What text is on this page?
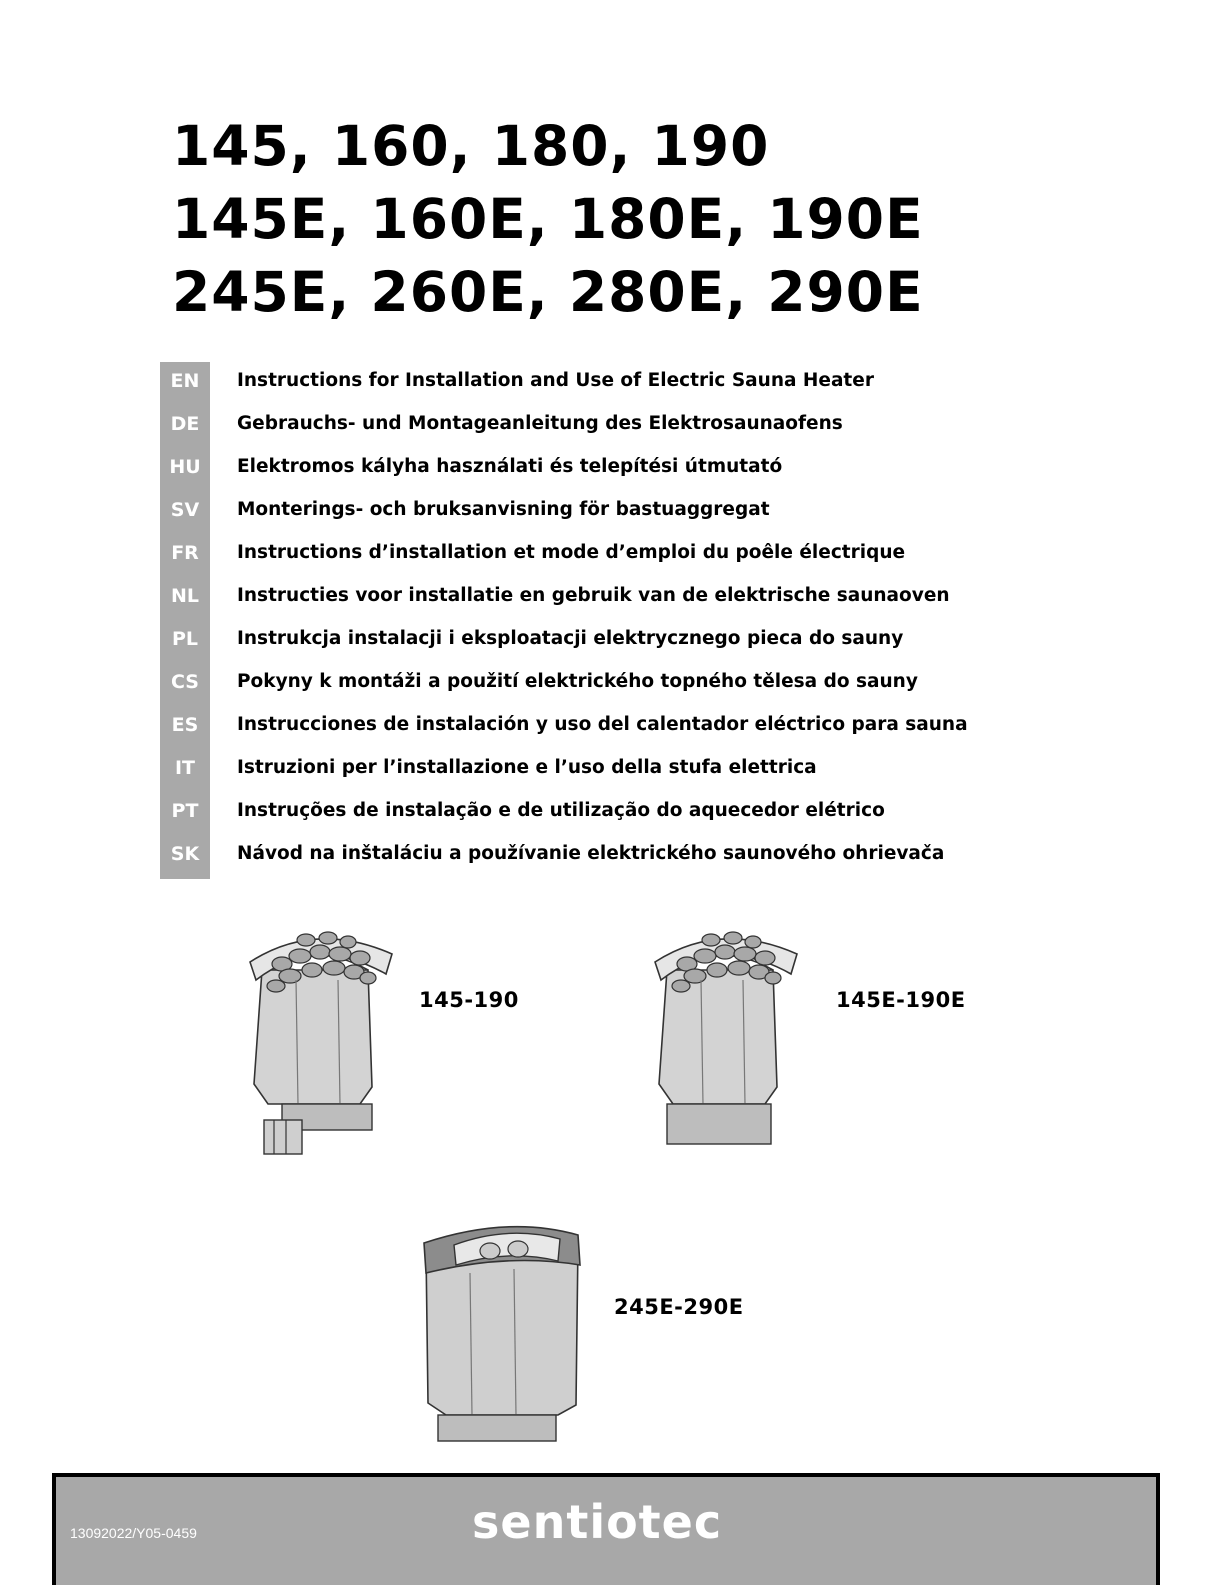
145, 160, 180, 190
145E, 160E, 180E, 190E
245E, 260E, 280E, 290E
EN	Instructions for Installation and Use of Electric Sauna Heater
DE	Gebrauchs- und Montageanleitung des Elektrosaunaofens
HU	Elektromos kályha használati és telepítési útmutató
SV	Monterings- och bruksanvisning för bastuaggregat
FR	Instructions d’installation et mode d’emploi du poêle électrique
NL	Instructies voor installatie en gebruik van de elektrische saunaoven
PL	Instrukcja instalacji i eksploatacji elektrycznego pieca do sauny
CS	Pokyny k montáži a použití elektrického topného tělesa do sauny
ES	Instrucciones de instalación y uso del calentador eléctrico para sauna
IT	Istruzioni per l’installazione e l’uso della stufa elettrica
PT	Instruções de instalação e de utilização do aquecedor elétrico
SK	Návod na inštaláciu a používanie elektrického saunového ohrievača
145-190	145E-190E
245E-290E
13092022/Y05-0459	sentiotec
